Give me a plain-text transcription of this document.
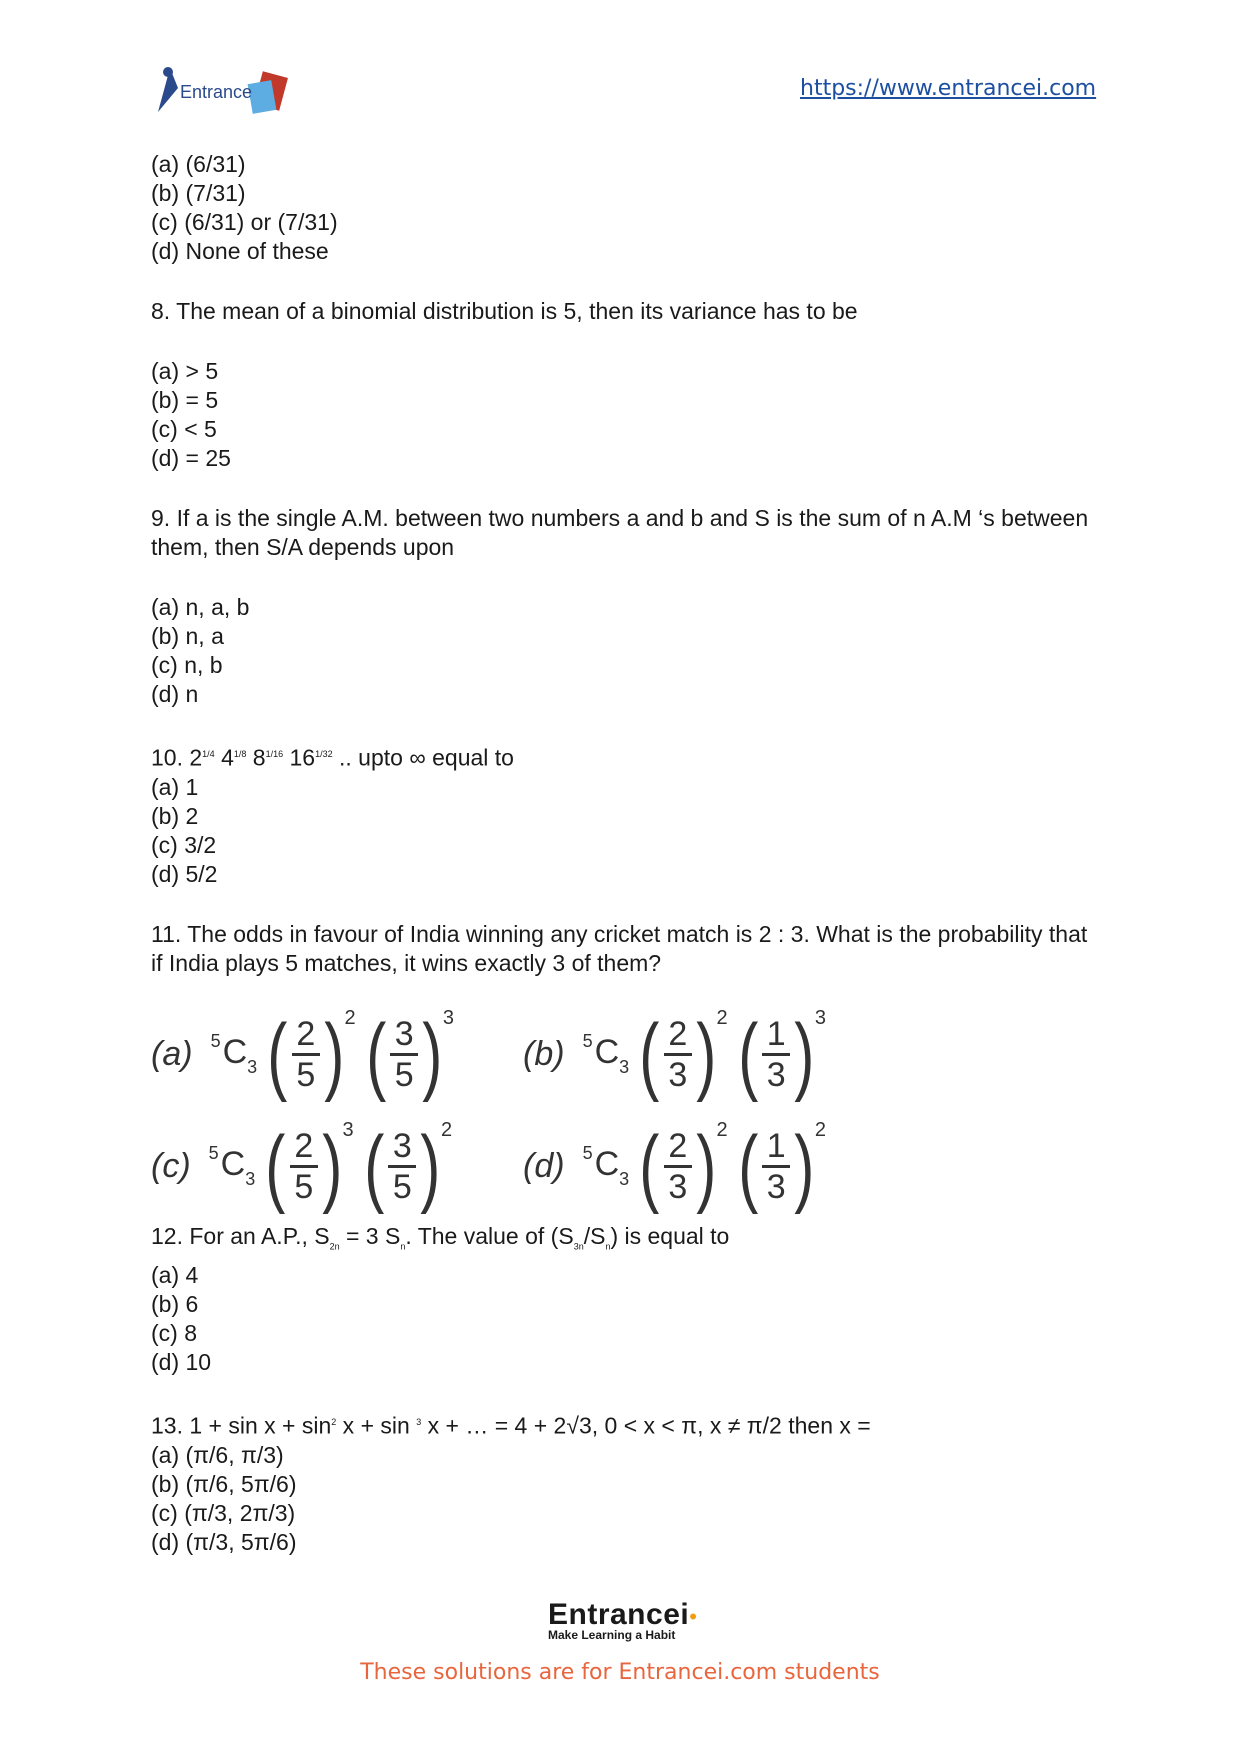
Entrance	https://www.entrancei.com

(a) (6/31)

(b) (7/31)

(c) (6/31) or (7/31)

(d) None of these

8. The mean of a binomial distribution is 5, then its variance has to be

(a) > 5

(b) = 5

(c) < 5

(d) = 25

9. If a is the single A.M. between two numbers a and b and S is the sum of n A.M ‘s between them, then S/A depends upon

(a) n, a, b

(b) n, a

(c) n, b

(d) n

10. $2^{1/4}$ $4^{1/8}$ $8^{1/16}$ $16^{1/32}$ .. upto ∞ equal to

(a) 1

(b) 2

(c) 3/2

(d) 5/2

11. The odds in favour of India winning any cricket match is 2 : 3. What is the probability that if India plays 5 matches, it wins exactly 3 of them?

(a) $^5C_3$ ( $\frac{2}{5}$ ) 2 ( $\frac{3}{5}$ ) 3
(b) $^5C_3$ ( $\frac{2}{3}$ ) 2 ( $\frac{1}{3}$ ) 3
(c) $^5C_3$ ( $\frac{2}{5}$ ) 3 ( $\frac{3}{5}$ ) 2
(d) $^5C_3$ ( $\frac{2}{3}$ ) 2 ( $\frac{1}{3}$ ) 2

12. For an A.P., $S_{2n} = 3$ $S_n$. The value of $(S_{3n}/S_n)$ is equal to

(a) 4

(b) 6

(c) 8

(d) 10

13. $1 + \sin x + \sin^2 x + \sin ^3$ x + … = 4 + 2√3, 0 < x < π, x ≠ π/2 then x =

(a) (π/6, π/3)

(b) (π/6, 5π/6)

(c) (π/3, 2π/3)

(d) (π/3, 5π/6)

Entrancei•
Make Learning a Habit
These solutions are for Entrancei.com students
